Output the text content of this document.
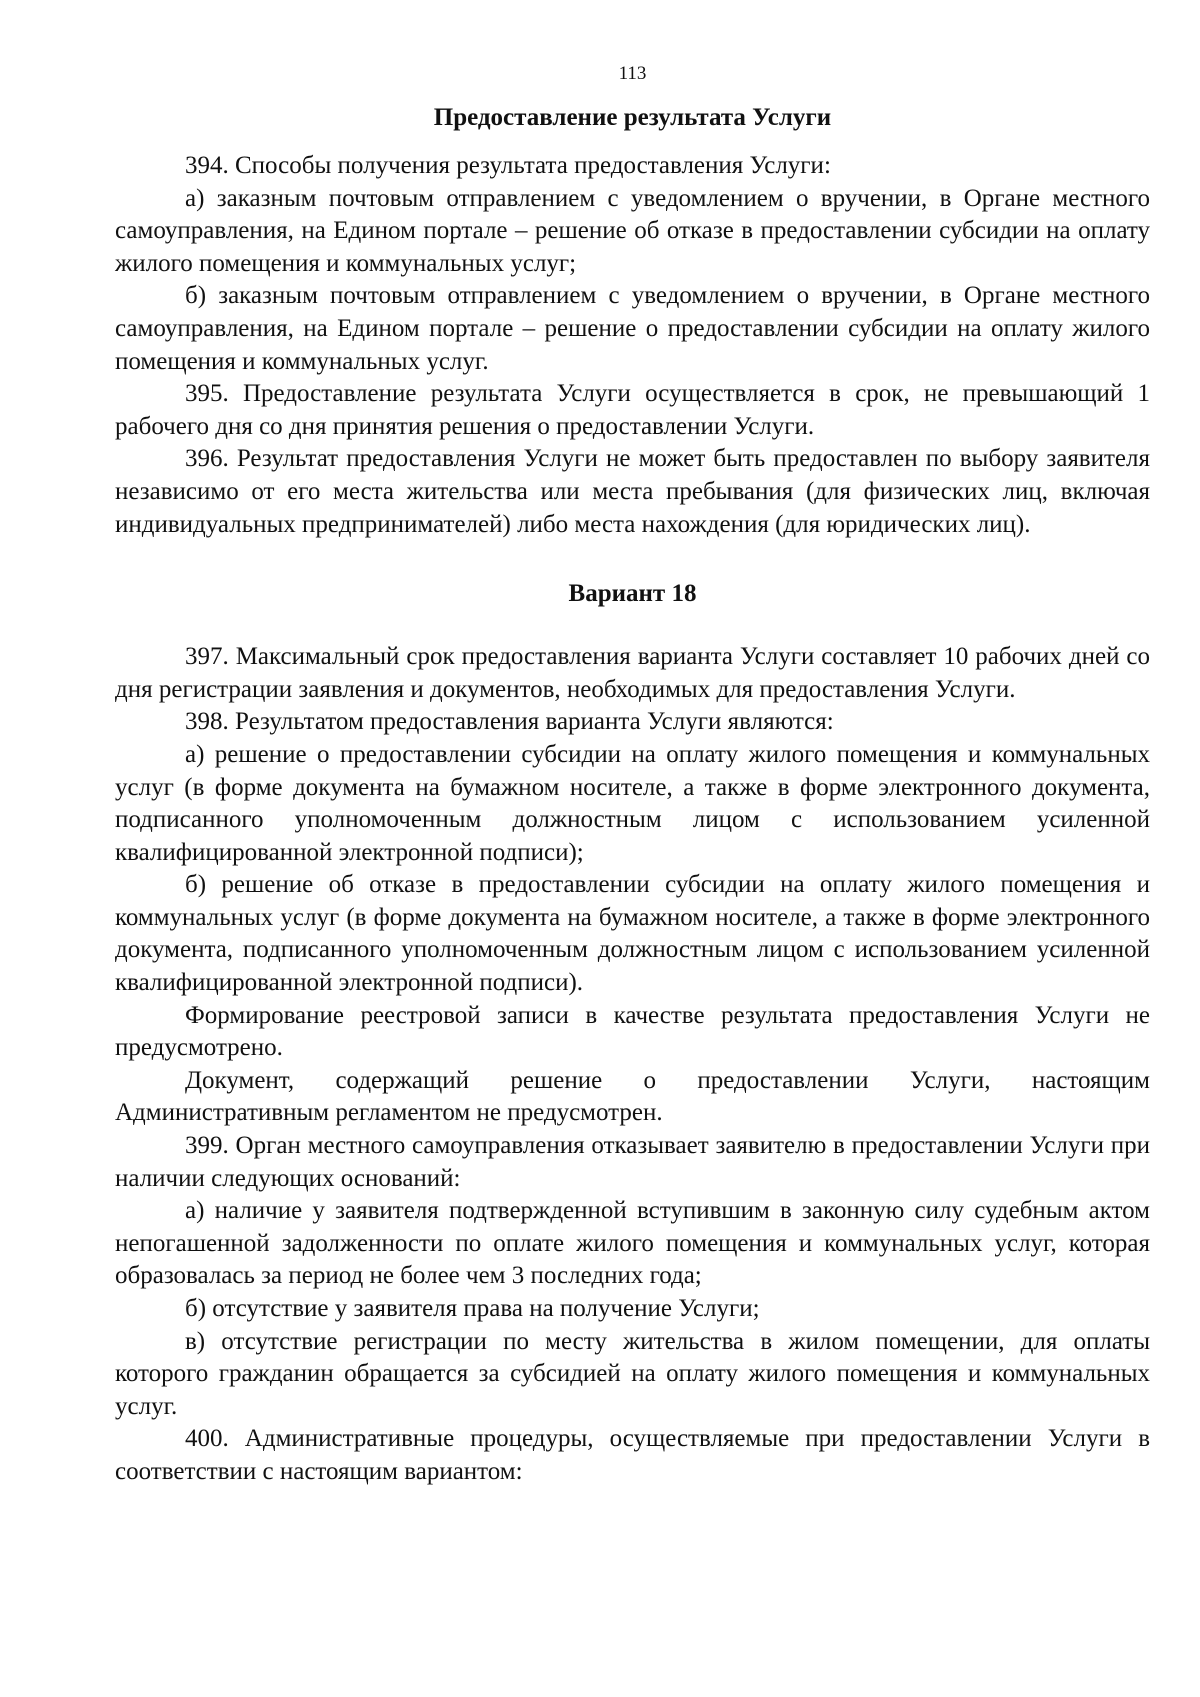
113
Предоставление результата Услуги

394. Способы получения результата предоставления Услуги:

а) заказным почтовым отправлением с уведомлением о вручении, в Органе местного самоуправления, на Едином портале – решение об отказе в предоставлении субсидии на оплату жилого помещения и коммунальных услуг;

б) заказным почтовым отправлением с уведомлением о вручении, в Органе местного самоуправления, на Едином портале – решение о предоставлении субсидии на оплату жилого помещения и коммунальных услуг.

395. Предоставление результата Услуги осуществляется в срок, не превышающий 1 рабочего дня со дня принятия решения о предоставлении Услуги.

396. Результат предоставления Услуги не может быть предоставлен по выбору заявителя независимо от его места жительства или места пребывания (для физических лиц, включая индивидуальных предпринимателей) либо места нахождения (для юридических лиц).

Вариант 18

397. Максимальный срок предоставления варианта Услуги составляет 10 рабочих дней со дня регистрации заявления и документов, необходимых для предоставления Услуги.

398. Результатом предоставления варианта Услуги являются:

а) решение о предоставлении субсидии на оплату жилого помещения и коммунальных услуг (в форме документа на бумажном носителе, а также в форме электронного документа, подписанного уполномоченным должностным лицом с использованием усиленной квалифицированной электронной подписи);

б) решение об отказе в предоставлении субсидии на оплату жилого помещения и коммунальных услуг (в форме документа на бумажном носителе, а также в форме электронного документа, подписанного уполномоченным должностным лицом с использованием усиленной квалифицированной электронной подписи).

Формирование реестровой записи в качестве результата предоставления Услуги не предусмотрено.

Документ, содержащий решение о предоставлении Услуги, настоящим Административным регламентом не предусмотрен.

399. Орган местного самоуправления отказывает заявителю в предоставлении Услуги при наличии следующих оснований:

а) наличие у заявителя подтвержденной вступившим в законную силу судебным актом непогашенной задолженности по оплате жилого помещения и коммунальных услуг, которая образовалась за период не более чем 3 последних года;

б) отсутствие у заявителя права на получение Услуги;

в) отсутствие регистрации по месту жительства в жилом помещении, для оплаты которого гражданин обращается за субсидией на оплату жилого помещения и коммунальных услуг.

400. Административные процедуры, осуществляемые при предоставлении Услуги в соответствии с настоящим вариантом:
